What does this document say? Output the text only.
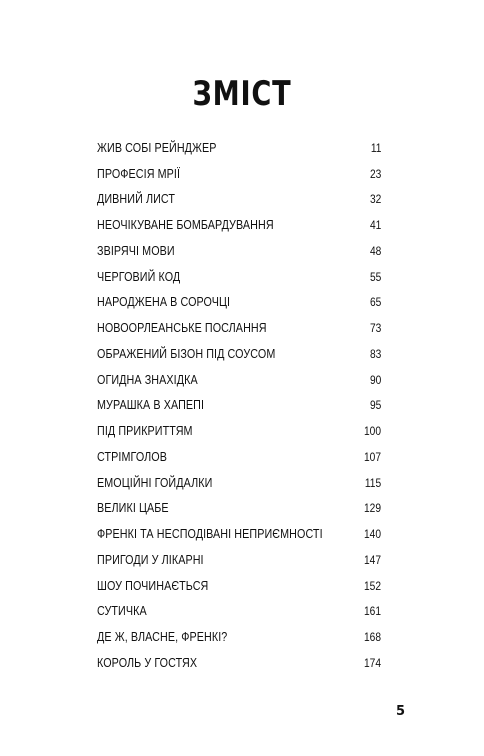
ЗМІСТ
ЖИВ СОБІ РЕЙНДЖЕР	11
ПРОФЕСІЯ МРІЇ	23
ДИВНИЙ ЛИСТ	32
НЕОЧІКУВАНЕ БОМБАРДУВАННЯ	41
ЗВІРЯЧІ МОВИ	48
ЧЕРГОВИЙ КОД	55
НАРОДЖЕНА В СОРОЧЦІ	65
НОВООРЛЕАНСЬКЕ ПОСЛАННЯ	73
ОБРАЖЕНИЙ БІЗОН ПІД СОУСОМ	83
ОГИДНА ЗНАХІДКА	90
МУРАШКА В ХАПЕПІ	95
ПІД ПРИКРИТТЯМ	100
СТРІМГОЛОВ	107
ЕМОЦІЙНІ ГОЙДАЛКИ	115
ВЕЛИКІ ЦАБЕ	129
ФРЕНКІ ТА НЕСПОДІВАНІ НЕПРИЄМНОСТІ	140
ПРИГОДИ У ЛІКАРНІ	147
ШОУ ПОЧИНАЄТЬСЯ	152
СУТИЧКА	161
ДЕ Ж, ВЛАСНЕ, ФРЕНКІ?	168
КОРОЛЬ У ГОСТЯХ	174
5
